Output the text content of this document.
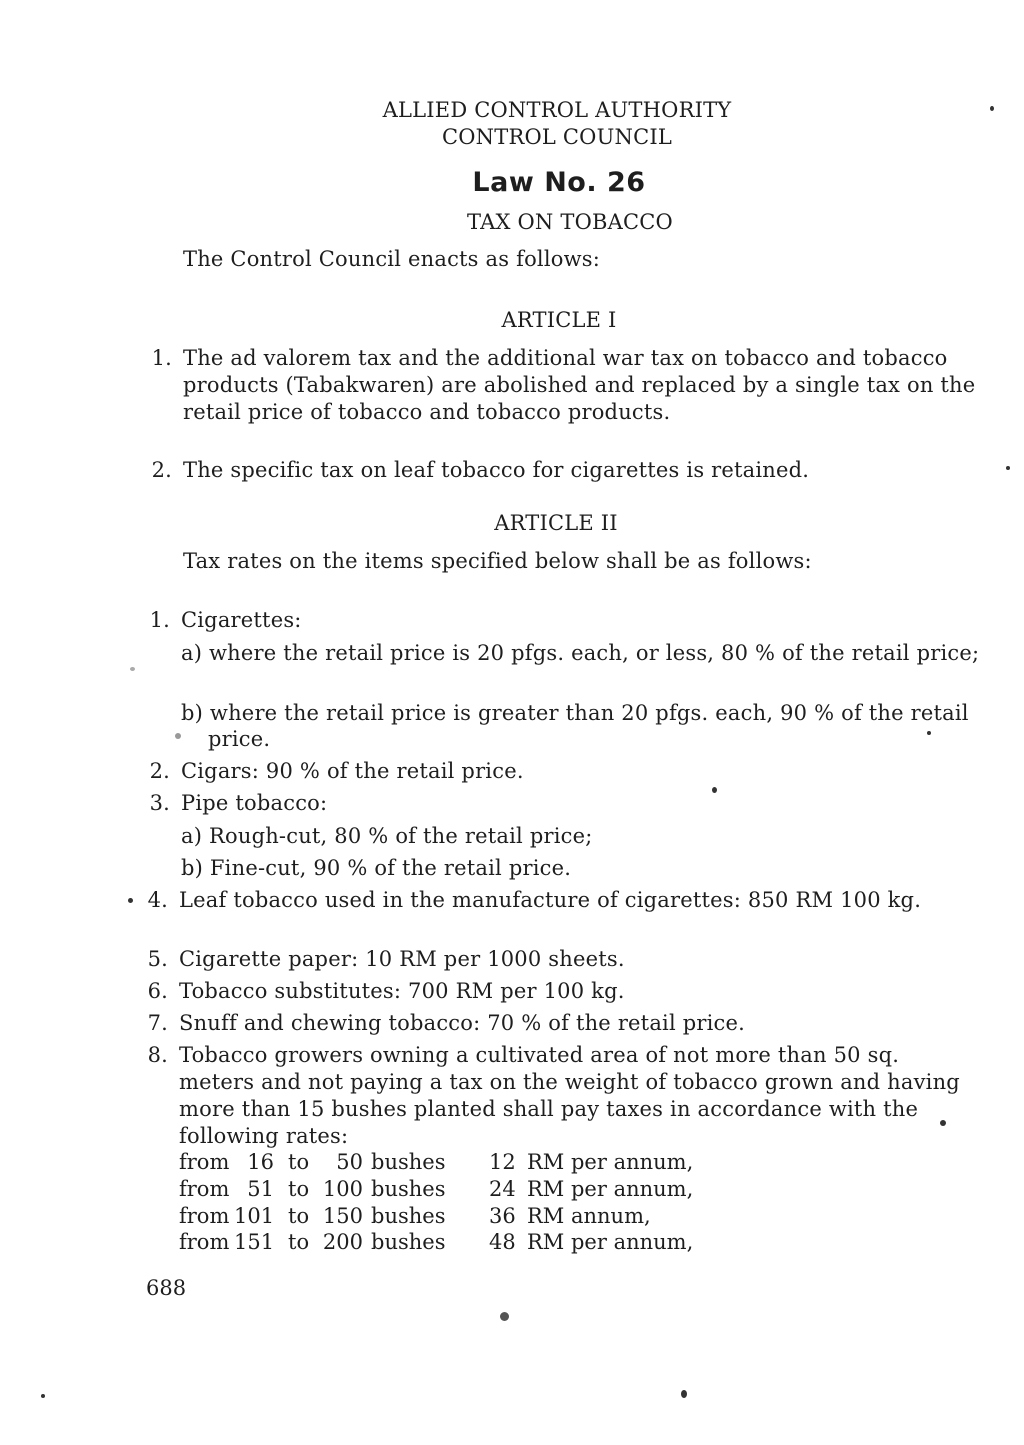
ALLIED CONTROL AUTHORITY
CONTROL COUNCIL
Law No. 26
TAX ON TOBACCO
The Control Council enacts as follows:
ARTICLE I
1. The ad valorem tax and the additional war tax on tobacco and tobacco
products (Tabakwaren) are abolished and replaced by a single tax on the
retail price of tobacco and tobacco products.
2. The specific tax on leaf tobacco for cigarettes is retained.
ARTICLE II
Tax rates on the items specified below shall be as follows:
1. Cigarettes:
a) where the retail price is 20 pfgs. each, or less, 80 % of the retail price;
b) where the retail price is greater than 20 pfgs. each, 90 % of the retail
price.
2. Cigars: 90 % of the retail price.
3. Pipe tobacco:
a) Rough-cut, 80 % of the retail price;
b) Fine-cut, 90 % of the retail price.
4. Leaf tobacco used in the manufacture of cigarettes: 850 RM 100 kg.
5. Cigarette paper: 10 RM per 1000 sheets.
6. Tobacco substitutes: 700 RM per 100 kg.
7. Snuff and chewing tobacco: 70 % of the retail price.
8. Tobacco growers owning a cultivated area of not more than 50 sq.
meters and not paying a tax on the weight of tobacco grown and having
more than 15 bushes planted shall pay taxes in accordance with the
following rates:
from 16 to	50 bushes 12 RM per annum,
from 51 to 100 bushes 24 RM per annum,
from 101 to 150 bushes 36 RM annum,
from 151 to 200 bushes 48 RM per annum,
688
